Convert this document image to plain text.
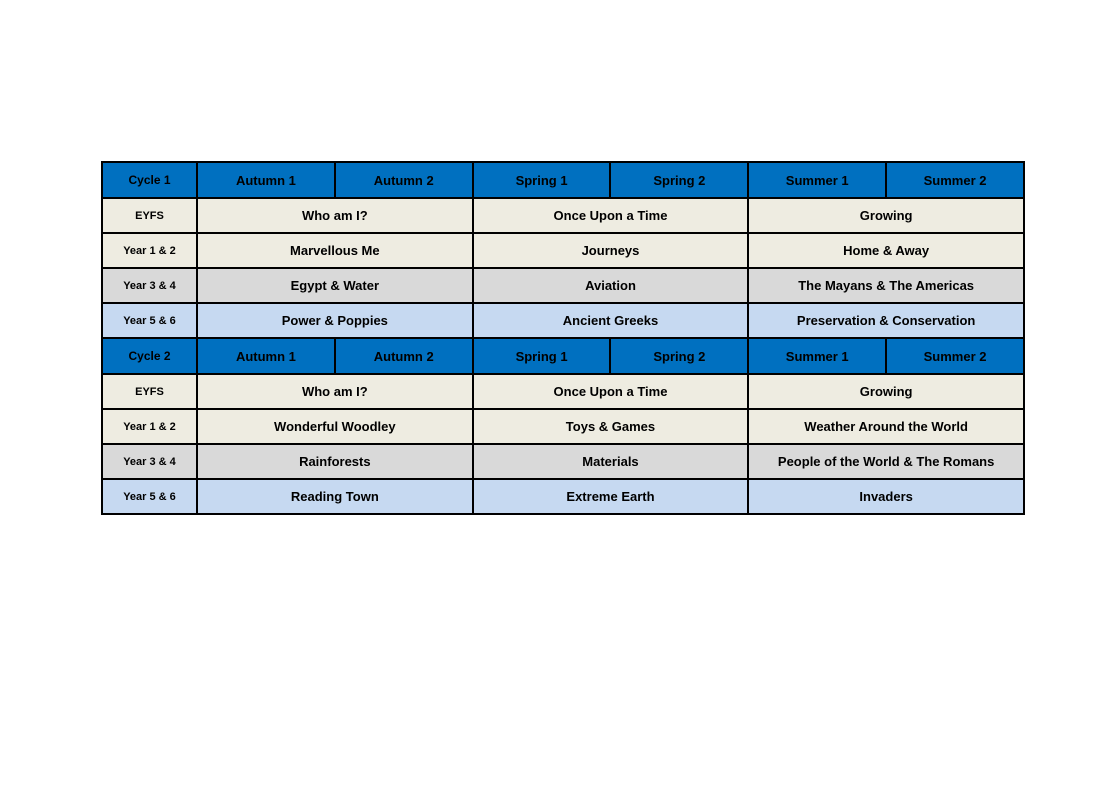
Cycle 1	Autumn 1	Autumn 2	Spring 1	Spring 2	Summer 1	Summer 2
EYFS	Who am I?		Once Upon a Time		Growing	
Year 1 & 2	Marvellous Me		Journeys		Home & Away	
Year 3 & 4	Egypt & Water		Aviation		The Mayans & The Americas	
Year 5 & 6	Power & Poppies		Ancient Greeks		Preservation & Conservation	
Cycle 2	Autumn 1	Autumn 2	Spring 1	Spring 2	Summer 1	Summer 2
EYFS	Who am I?		Once Upon a Time		Growing	
Year 1 & 2	Wonderful Woodley		Toys & Games		Weather Around the World	
Year 3 & 4	Rainforests		Materials		People of the World & The Romans	
Year 5 & 6	Reading Town		Extreme Earth		Invaders	
